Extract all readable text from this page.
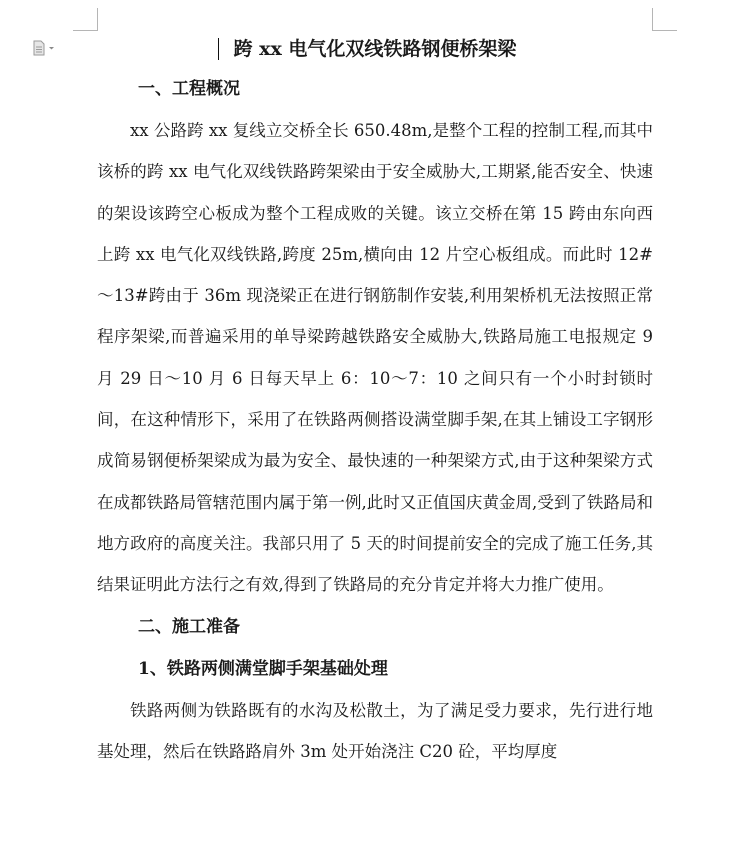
跨 xx 电气化双线铁路钢便桥架梁
一、工程概况

xx 公路跨 xx 复线立交桥全长 650.48m,是整个工程的控制工程,而其中该桥的跨 xx 电气化双线铁路跨架梁由于安全威胁大,工期紧,能否安全、快速的架设该跨空心板成为整个工程成败的关键。该立交桥在第 15 跨由东向西上跨 xx 电气化双线铁路,跨度 25m,横向由 12 片空心板组成。而此时 12#～13#跨由于 36m 现浇梁正在进行钢筋制作安装,利用架桥机无法按照正常程序架梁,而普遍采用的单导梁跨越铁路安全威胁大,铁路局施工电报规定 9 月 29 日～10 月 6 日每天早上 6：10～7：10 之间只有一个小时封锁时间，在这种情形下，采用了在铁路两侧搭设满堂脚手架,在其上铺设工字钢形成简易钢便桥架梁成为最为安全、最快速的一种架梁方式,由于这种架梁方式在成都铁路局管辖范围内属于第一例,此时又正值国庆黄金周,受到了铁路局和地方政府的高度关注。我部只用了 5 天的时间提前安全的完成了施工任务,其结果证明此方法行之有效,得到了铁路局的充分肯定并将大力推广使用。

二、施工准备
1、铁路两侧满堂脚手架基础处理

铁路两侧为铁路既有的水沟及松散土，为了满足受力要求，先行进行地基处理，然后在铁路路肩外 3m 处开始浇注 C20 砼，平均厚度
